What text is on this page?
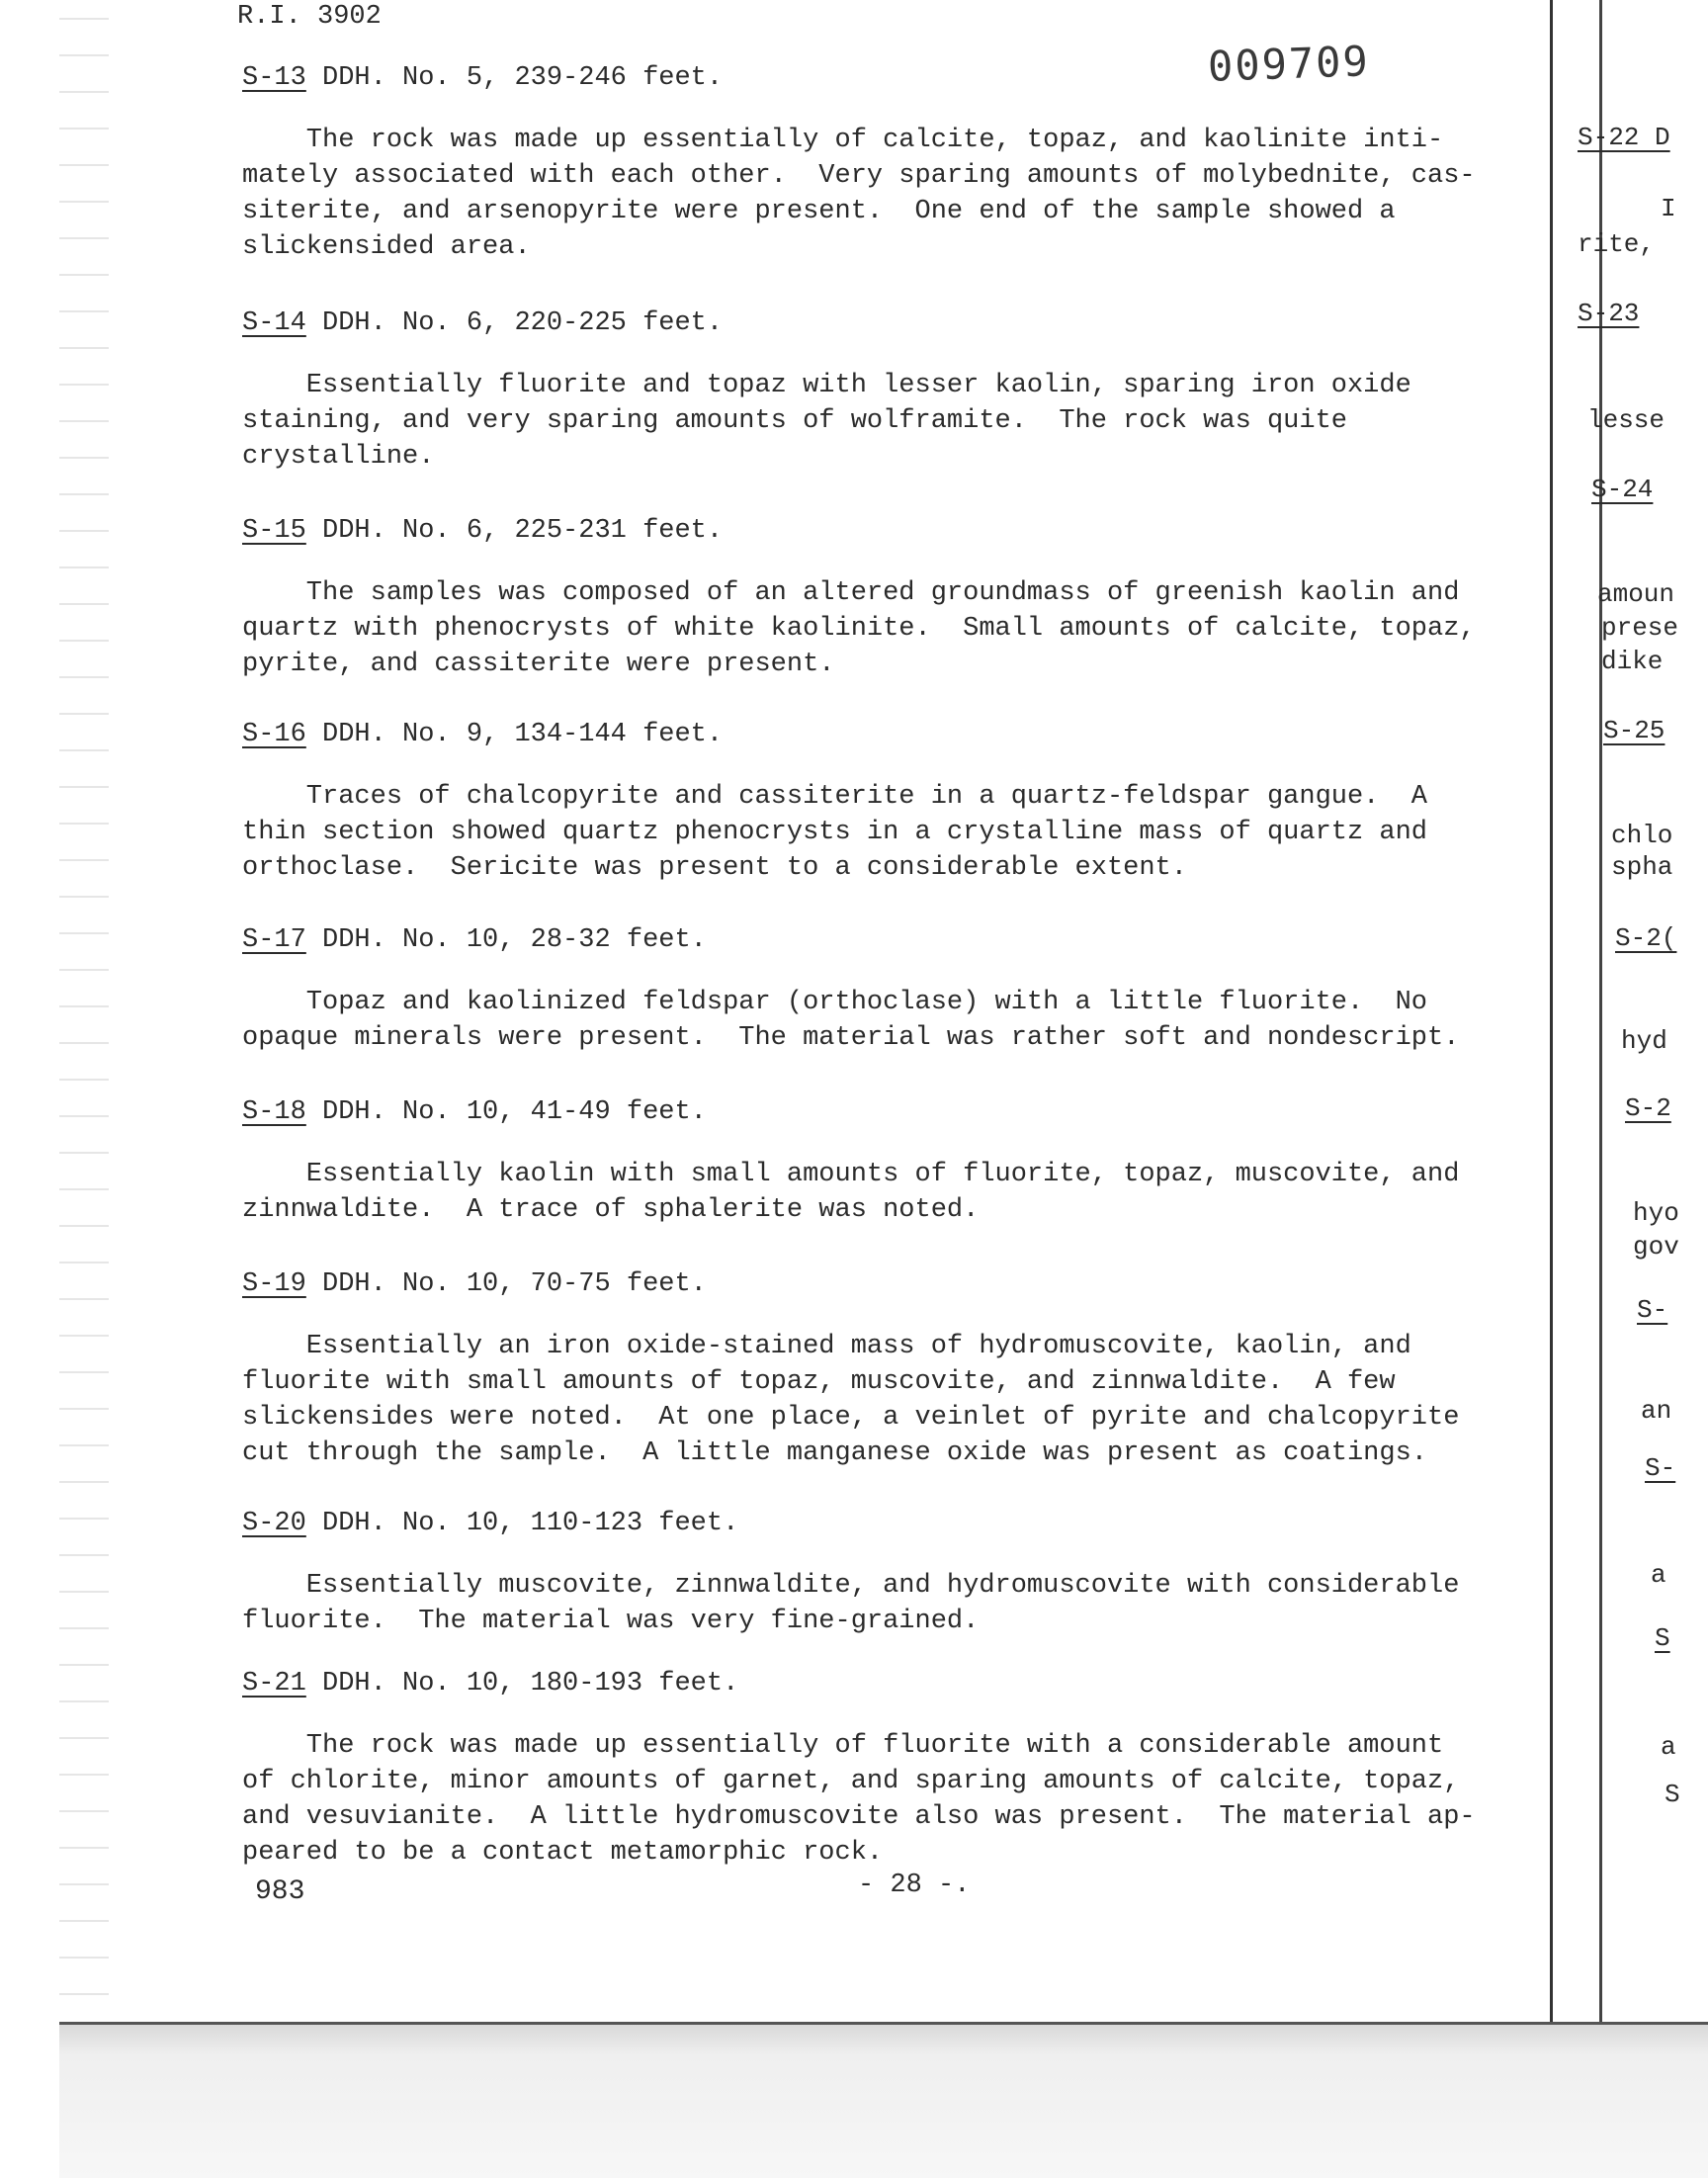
R.I. 3902
009709
S-13 DDH. No. 5, 239-246 feet.
The rock was made up essentially of calcite, topaz, and kaolinite inti-
mately associated with each other.  Very sparing amounts of molybednite, cas-
siterite, and arsenopyrite were present.  One end of the sample showed a
slickensided area.
S-14 DDH. No. 6, 220-225 feet.
Essentially fluorite and topaz with lesser kaolin, sparing iron oxide
staining, and very sparing amounts of wolframite.  The rock was quite
crystalline.
S-15 DDH. No. 6, 225-231 feet.
The samples was composed of an altered groundmass of greenish kaolin and
quartz with phenocrysts of white kaolinite.  Small amounts of calcite, topaz,
pyrite, and cassiterite were present.
S-16 DDH. No. 9, 134-144 feet.
Traces of chalcopyrite and cassiterite in a quartz-feldspar gangue.  A
thin section showed quartz phenocrysts in a crystalline mass of quartz and
orthoclase.  Sericite was present to a considerable extent.
S-17 DDH. No. 10, 28-32 feet.
Topaz and kaolinized feldspar (orthoclase) with a little fluorite.  No
opaque minerals were present.  The material was rather soft and nondescript.
S-18 DDH. No. 10, 41-49 feet.
Essentially kaolin with small amounts of fluorite, topaz, muscovite, and
zinnwaldite.  A trace of sphalerite was noted.
S-19 DDH. No. 10, 70-75 feet.
Essentially an iron oxide-stained mass of hydromuscovite, kaolin, and
fluorite with small amounts of topaz, muscovite, and zinnwaldite.  A few
slickensides were noted.  At one place, a veinlet of pyrite and chalcopyrite
cut through the sample.  A little manganese oxide was present as coatings.
S-20 DDH. No. 10, 110-123 feet.
Essentially muscovite, zinnwaldite, and hydromuscovite with considerable
fluorite.  The material was very fine-grained.
S-21 DDH. No. 10, 180-193 feet.
The rock was made up essentially of fluorite with a considerable amount
of chlorite, minor amounts of garnet, and sparing amounts of calcite, topaz,
and vesuvianite.  A little hydromuscovite also was present.  The material ap-
peared to be a contact metamorphic rock.
983	- 28 -.
S-22 D
I
rite,
S-23
lesse
S-24
amoun
prese
dike
S-25
chlo
spha
S-2(
hyd
S-2
hyo
gov
S-
an
S-
a
S
a
S
